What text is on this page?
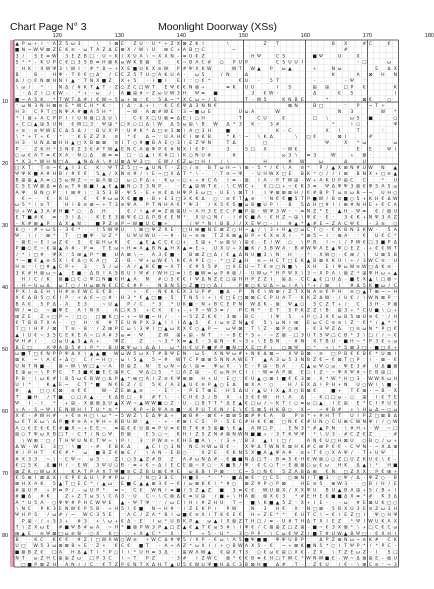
Chart Page N° 3	Moonlight Doorway (XSs)
120	130	140	150	160	170	180
10
20
30
40
50
60
70
80
▲ P ω + I ∵ A Z 5 ω 3	\ I ⊠ E Z U ∵ U * + Z X ⊠ Z K I	\	Z T	B X	# C	€
■ N ~ W Ψ ⊠ Z E K ≡ - ω T A Z Δ E ⊞ X / W \ U ⊞ C + A B □ C	~	#
3 / 5 E ≡ W 3 E Z B □ · U ~ K / X U A \ ~ X X N - ≡ U € Z	H Ψ	C 5	■ Ψ	U	X
5 * * - K U P C € □ 3 5 B ≡ H ⊠ K ω W K B ⊠ E - € ~ B A C # ○ P U P	C 5 U U I ·	∵ □	ω
∵ H K ∵ X W Ψ 3 \ W I ∵ # * B ~ + X E ■ U K X ≡ W P # Ψ X K W	W T W ▲ P ω ▲	+	N ω	E Δ X
B	B · H Ψ · T € € □ Δ / C C Z 5 T U ○ A K U A - ω 5	/ N	Δ	K	A ⊠ H N
Δ / ○ € N ⊠ H N I ▲ ∵ T N X ■ Z X + 5 · I ■ I E I ∵ ○ € *	€ U - 5 T	-	- Ψ ∵
\ ω / * · N Δ / # K T ▲ T ∵ Z ○ Z C □ W T E Ψ € € N ⊠ +	≡ K U U	I 5	⊞ ⊞	□ P €	K
· Δ Z I □ € W - · * + ∵ ω / A ■ ⊞ # ~ Z ω U W 3 H Ψ ≡ ■	3 € W ∵	Δ	€ 5	I
■ ~ A 5 K · * T W T Δ # / € W ~ 5 ω + ⊞ ∵ € ∵ 5 Δ ~ * X C ω ~ / E	T - W 5	K N B E	*	⊠ €	○
∵ ω N 3 N H ⊠ ≡ E * W C H * K ∵ / Δ ∵ Δ + \ ∵ K C € Ψ Δ 3 N N €	⊠ N	B □	· ∵ P ~ T +
H 3 C P T □ N Ψ A # ■ A 5 H *	~ W · A ⊠ # W E ∵ 3 ~ ■ ω E	U ω A	W	N 3	W *
* I ⊠ + A C P P I I U N ⊠ □ Δ U \ · C € X □ U ⊠ ≡ Δ E I ○ H	T	C U	€	□ \	ω 5 ■	○
+ C □ ▲ ⊞ 5 U N € W □ 3 · Ψ ⊞ * □ K ○ □ Δ \ W Δ 5 ω ⊞ \ B W Δ * 3 K ∵ 3 #	*	I ○	Ψ
+ ≡ ∵ ≡ Ψ W E C Δ 5 Δ / ∵ B U X P ∵ U # K * Δ □ ≡ 3 ⊠ \ A □ 3 H	■	K - C	X I	T	∵
\ * + T + € ∵ * ∵ K E Z Z X ≡ * € Δ ~ ∵ U A H € I ⊞ K B	* K ∵ ~ \ K Δ	\ □ €	⊠ I	#
H 3 · U N Δ ⊠ H H ▲ □ X B ⊠ ⊠ ≡ I T ○ # ■ B A E ○ 3 \ E Z Ψ N	T Δ	□	Ψ	X * ω	ω
P ∵ Z K H * 3 N € Z 3 € # T W ▲ E N C A ⊠ Ψ P € # N X I € P	3	5 □ X	∵ W €	E E	Ψ I
○ ω € A T ≡ € X A ∵ N ○ Δ ⊠ ≡ ≡ □ ∵ ○ ▲ I X # □ \ K ○ N U #	#	ω 3 \ ≡ 3	W	+ ⊠ ·
* X 3 * W H N □ Δ ▲ N Δ A \ # U ⊞ Δ Ψ 3 □ E W / € Z ω □ H I / \	H	# W	ω	Δ	U
□ X T T ≡ ~ € ▲ I 3 C K ∵ Ψ T Z 5 □ ~ ▲ U N T - Z ○ / ≡ B T ω H ~ \ ⊞ - 5 * / € \ A ≡ * P / ▲ X ⊞ N # U W N ▲
Ψ Ψ K ■ A # H B / # € € 5 ▲ / X N ≡ # / \ E ~ □ X Δ T * \ - ∵ T ≡ ~ Ψ - U H W X □ E B K * ○ / / I ⊞ B N X + □ ≡ ▲
B ⊞ ⊞ ▲ A ≡ ○ 5 ω W Z ~ ~ ⊞ A ⊠ ○ ω ○ P Δ + · K ω ~ ○ + + # C A I ≡ - ⊠ I A ∵ P T W ⊞ - W + A K U P ⊞ C C	* U
C 5 E W ⊠ Δ ≡ Δ ω T # ⊠ ■ I ▲ € ▲ ■ N ○ 3 3 N P - ∵ E ▲ ⊞ W T € - \ C W C + · X □ □ + ~ € K 3 ≡ Ψ Δ Ψ Ψ 3 ⊠ € Ψ 5 A 5 ω
A Ψ B N ○ P ∵ I ⊞ # \ ∵ 3 5 3 B - Ψ 5 - E + ≡ € Δ H Ψ P E ω □ · U E \ ⊠ T I I Ψ ⊞ ⊞ ⊠ H / € # B P T ω ≡ ω B ~ ~ U H ○
· € ~ - € - K U	€ · € # ω ω X € ■ ■ - B + E 3 □ 3 K K Δ · ○ ∵ ≡ € T ▲ ≡ ∵ N € € ■ 5 T P ■ W / B ≡ ■ ○ 5 + K H € Δ W
ω 5 * \ ≡ T	H I B ≡ ⊞ ~ + T 3 ≡ Ψ A · P T N H A € * Ψ 3 / X 5 € 5 ■ ω B ■ U P \ · B 5 Δ H □ # I / ⊞ # N H E + € C A
U + W ▲ 3 A # H ■ * ○ · Δ · H · € / I ▲ # ≡ Z ⊠ ⊞ U ~ A H 3 E E C P ■ P ⊞ ∵ W Ψ 3 W ∵ ∵ ≡ N Z * E · ▲ H - Ψ ≡ € / ⊠ U
E T ■ # K ≡ · 5 I Δ ∵ - K E E 3 ⊠ Ψ € □ Δ P B € E N * X U ○ N / - I # € ■ A ∵ € H Z ~ ⊞ \ Ψ € ∵ € · 3 € K + N Ψ 3 A Z
- K # ⊞ ▲ P ∵ Δ X ▲ N ∵ ■ P Z ≡ P ~ W ■ U C ■ +	/ Ψ * N \ B B / / X E Ψ ○ - I # ▲ * ▲ # E ~ Z A C Ψ € - 3 ≡ ○
K ○ · # + ω 5 - 3 € * · - \ 5 W Ψ U \ ⊠ □ Ψ Z X E ∵ □ H ⊞ ■ N E ⊠ Z ○ H ~ ▲ / \ 3 + H ▲ ○ ω C T ○ - € K B N 3 K W - 5 A
Ψ \ / ∵ ⊠ * T □ ■ Ψ · U Z * U Ψ U W U - ~ # · U ~ ≡ ⊞ T Z K ⊠ ▲ B P + € X ≡ X I - * ⊞ 5 ~ I ∵ ⊞ A ∵ € U € C *
∵ ⊠ E ~ E I ω Z € · 5 € ⊞ H ω K € · ▲ E ▲ C C € ○ + E ⊞ + * ω ⊠ U \ ⊞ € - E / W ○ · \ P B I ~ \ / P W € □ 3 ■ P Δ
P ■ ○ E ~ € ⊞ ▲ A # - P ≡ T E ω ~ H ≡ A ▲ B N ▲ H X ▲ ≡ E + U X U + X ■ K / 3 B W A · B # W Ψ A E ▲ Ψ ○ E Z - + € € W T
/ * \ □ # · Ψ X ∵ 5 ⊞ ▲ P * ■ U A ⊠ \ ~ · A 3 € ■ - ∵ B ⊠ Z □ Δ / € ▲ Δ N U ■ 3 \ N · H ∵ - * · X W ○ · € ⊞ / \ U ⊠ 5 B
* ~ ■ € ▲ ≡ 5 X \ € Δ ○ K A □ Z - B - Ψ + ω W € \ K € A P E ○ - * □ Z ▲ H ≡ ~ H C T □ E K ▲ B ⊠ X K U \ + / 3 W C ≡ ∵ U
H ≡ ∵ \ □ # ▲ C P + 3 ∵ 5 / ω - A / ▲ K € ■ ~ X T · € # 5 5 # □ X E U ~ T € ≡ □ N ■ \ · X H E I Ψ ω W ≡ W □ Δ K ≡ ·
3 K # H ⊠ ω ~ ▲ E ■ ∵ Δ B I A 5 B U I Ψ # / W H □ ≡ \ E ■ W ≡ ω P # ⊠ / - U W ω * H P Ψ X \ 3 ~ X P A \ ⊠ Z * ⊞ Ψ H ω + ▲
H / C / K ⊠ ■ □ C ○ Ψ □ N ■ € H ▲ A N # ○ 5 € € I Ψ Δ N Z E □ ⊞ H H P Z Z I ⊞ Δ - C C ▲ € □ U Δ - ■ E X ▲ \ □ ⊠ ~
· H ~ U ω Δ ω T ○ / H ω ⊞ N € C C € # P - N B N 5 ○ Z ■ □ ○ Δ I · P ⊞ ○ K U Δ ~ ω I A \ * + / ⊠ I # Δ 5 K ■ ω / C
P X \ Δ E H \ H # ≡ € W C E € B · ∵ + · € · N € K E X 3 U P # ■ Δ - P N € I W ⊞ / Z T X N A ≡ € P H ≡ ○ ▲ T ⊞ ~ ~ H
X € Δ B 5 ○ € I P ∵ + Δ € ~ ○ # · H 3 * € ▲ □ ■ - 5 T N 5 I + \ € □ E □ ⊠ ⊠ C C P U A T - K K Z Δ W - / U € / \ W N ⊠ P ∵
B A € 5 P Δ - A E 3	~ U ▲ P / C * 3 * U K ■ ∵ N + B C E P N · W Δ K - ⊠ Ψ ▲ ○ 5 C Z T + / C 3 H - P ⊠
W / ≡ ○ ~ ■ Ψ E A I N X	A □ K 5 + C X € + - + P ~ W 3 ≡ / P C N * · E T 5 P K Z Z I B ⊞ 3 + * C U ■ \ ○ +
⊞ Z E Z + □ P ~ ∵ □ ○ · □ ■ K □ ~ + ~ W ■ ~ H / - · ~ 5 Z Z K € ∵ 3 ⊠ - B C · I Ψ 5 + P ○ 3 X € ω B 5 ⊞ U ≡ € ∵ / H
€ T B B T X A - · □ H ∵ K # T E U N P X 3 ▲ I I I Δ ▲ 5 € / ω ≡ Z N ▲ € 5 \ ω N I ⊞ E ω C C ≡ ≡ \ Z ∵ € * / ▲ * *
T □ / H P / ⊠ T ≡ · B ∵ / Z ⊞ P C ω \ 3 Ψ I □ ▲ ω X X € ○ ▲ P ~ ω Ψ ⊠ ∵ T \ Z · ⊠ P ○ ⊞ - € 3 Ψ Z Δ □ ≡ ω N * P □ €
▲ I U € ~ 3 5 C E K E A ~ □ A # 3 ω ≡ · Ψ	Z W ⊞ + ⊞ - N T ∵ ~ B E * 5 + ∵ ~ Z ⊠ - □ 3 U T 5 Ψ □ C B * 3 \ □ / / ~ €
Ψ H # / · ○ ω U ▲ 5 ▲ A + · Ψ Z	Z - ~ 3 * X ≡ ▲ E ∵ 3 ⊞ N ∵ K ~ 3 + \ E B N ∵ # N · X T B U ∵ ■ H ~ * P 3 € + ω
B C □	A Ψ A B 5 # \ P * ∵ B U ⊠ Ψ ω \ Δ Δ I · ω * H € U P ■ # P ■ N □ X E □ P \ ○ ⊠ Ψ ○ * + \ * 5 ⊠ 3 □ - ■ □ X +
ω ■ T □ € N P P Ψ Δ X \ ▲ ▲ ■ · W ω W 5 ω X T # B Ψ E N · ω 5 X N Ψ ω # + N K Δ ⊠ ~ · X Ψ B ⊠ - ≡ □ P B € € B € * U ⊠ I
⊠ K ~ \ A € + Δ ○ C / ~ H ○ - ω \ 5 ▲ 5 ~ # W T C P ⊠ ⊞ 5 N N A W E T ▲ A 3 ω 5 3 N B Z € ~ € ⊠ T □ P ∵ \ · ⊠ - €
U N T N ■ - ⊠ ~ W \ W □ ▲ ~ A B ⊞ Z - N E ω N ~ Δ \ ⊞ ≡ Ψ ω X - \ E ∵ P ⊞ ∵ B A · C ▲ ω Ψ ○ ω · Ψ E 3 # U Δ ■ ⊠
E ⊞ ω ~ \ P P C T 3 ■ K ■ E C ⊞ K C Ψ Δ □ 5 · * ○ A Z ⊞ · - C ω N H C I / ∵ W ≡ A P ⊠ E ○ I Z ∵ ~ Ψ X Ψ # ~ E B ⊞ □
P B ∵ \ ω K # \ B 5 ω € B W ○ Δ P ▲ * ⊞ □ A I Z ≡ € Ψ ⊞ ⊠ H + U ∵ E ○ ∵ € U ▲ ○ ⊠ I ■ € € 3 ⊞ · X * W * H □ 3 · W W K ω H
U I *	K ▲ E ~ C T * ■ N € E Z / C 5 K / A 3 ▲ U € ≡ P ▲ ○ E Δ ⊞ X A ∵ ○ · H / E X Δ I P H + N U ○ W \ \ ■ -
# ▲ □ ○ € ⊠ ≡ € €	W - Z E ⊞ ▲ ≡ - - E ∵ - · P E T ⊞ E · H 5 Δ U / ▲ U I X ▲ X ○ B ⊠ €	■ + T € ⊞ - ~ B - X
T ■ H / T ■ ○ □ A ▲ · ∵ € Δ B □ - K # T \ · - C H € 3 / B X + 3 € € W H \ A Δ - K □ □ ω - ○ ⊞ I € T E
Ψ I - I * · + ⊞ - X ⊠ ⊠ Δ U ▲ X W ~ ▲ W W ■ ○ Z · U - □ B T T * Δ E ▲ € □ ω / ~ K T I ○ ≡ ω □ ▲ I E ⊞ · E * C I P U E
+ A - 5 ~ Ψ I E N W H I T U * ≡ *	K P ~ B Ψ A ≡ ■ ∵ K P U T € N / E \ € 5 ⊠ 5 H K B ○ X ~ ~ # B # + \ H ω Δ ~ ○ ω
X € - # W H # · + € ≡ H □ \ ω * ~ 5 W Z \ E Δ Ψ Δ + ⊠ B # - ⊠ € + ⊠ ⊞ 5 ⊠ # # € A B P ≡ * + # H T T U I P Z □ ⊠ B Δ
ω € T K ω \ Δ P ■ # ≡ A + Ψ H + K B U W ∵ ▲ · - + - # ⊞ I C 5 P - 5 E C # H K € ⊠ □ N € € # U N ○ C U ⊞ C W N Ψ / / ○ W
A ○ € E € € E # ■ X ~ + E E ~ ≡ ⊞ € € U ⊠ ≡ P U ≡ € B T K # 5 ⊞ ■ \ € ▲ A W □ P	E N 3 * # ▲ P N · \ # H + ∵ W · ~ □
⊠ ○ T Ψ ω X B □ T ∵ C T / N ○ Ψ B ⊠ · E 5 ○ ~ K H I Z 5 Z N # ⊠ N W N ■ ■ + ∵ 3 T K Ψ Ψ · * \ U 3 - # C Z € Z	· #
\ W ⊞ ∵ □ / T H Ψ U N € T Ψ + \ P \ 3 ∵ P W ≡ + € H E ■ A \ - / 3 + ∵ B 3 ▲ I \ □ /	A N € U □ H ⊠ U ○ B ○ / ω +
Δ W · W E 3 □ ∵ \ ■ ∵ - # € B K Δ	▲ C I ○ 3 N ∵ N C H W ω B € - X Ψ Δ T W N € ⊠ H K # C ⊞ P € € - C Ψ N - ~ X Δ ⊞
# / P H T € € # * ω ■ B Z € ⊞ E / \ A N - E B ○ · X Z E € K N 5 X ■ A ▲ Ψ A # · ≡ + T € ○ X A Ψ / · T + U Ψ
# X 3 3 ~ \ ∵ C Ψ ~ ω 5 · Z \ ○ 5 ▲ Z # B Z A # ω N Δ # - € ■ ■ N Δ □ T - B ≡ 5 € H € W ⊠ ○ ○ Z □ U Z K U € \ € -
€ □ 5 K Δ ■ H / ∵ E W 3 Ψ U ○ B · ≡ + € ~ Δ I E C E ⊠ ~ X ○ ∵ X ■ B / Ψ · € C ○ T ~ E ⊠ ⊠ ○ ω € ω H K Δ ▲ \ * H ■
⊠ Z K ○ W ω X	K A T P A X T Ψ ■ ≡ C Z B U ⊞ € # E ω B B I P ⊠ ∵ ∵ C ~ 5 ○ N € 5 Z A B Δ ⊞ € N □ Z X X ∵ P € ⊞ +
€ 5 ⊞ I ⊠ Δ X / € P € Δ U \ P # P ω / / N □ 3 B C H ■ X - * · * - ■ Δ ⊞ € ∵ □ C 5 ○ ⊠ N / T ■ 3 ∵ ○ Ψ / Δ · Ψ Z ○ - B
⊠ H X A K 5 ▲ T □ E C * / ▲ ω ∵ E ■ C ▲ ▲ ⊞ 3 € ~ € / ω ⊠ K € \ * # ○ ⊞ Z # P ○ P ⊠	H E ≡ 5 ⊞ W 3 · - ○ B / H / E
# ⊞ U P + P ≡ P / - ω U P * ≡ ~ C € W N I ≡ ■ / 5 Z ▲ Z ■ 3 ≡ € € · W U ⊠ X / X X Ψ U B U ▲ B A ⊞ + 5 / B + I
# ■ Δ # K	Z + Z T ω 5 \ C A 3 ∵ U C ~ \ C ⊠ Δ € ≡ U ⊞ · / ■ + \ H A ⊠ · ⊠ X € 3 * # E H E € ■ ■ Δ X ≡ * # K 3 Δ
A * U 5 A - ○ Ψ Ψ # P H C W Ψ E ▲ - Ψ T Ψ ∵ ∵ / ω C \ H I # Z H U T ~ ■ \ K ■ ▲ 5 Z ∵ X + I E - · - ω # E ⊠ U K □ ○
\ N C P K 3 E N W € P 5 B · + H 5 \ € ■ N ~ H # ∵ / Z E K P / P W	N 3 H € X ∵ N □ ⊠ · 5 B X U 3 E ≡ Z ω 3 H
Ψ H P 5 / ω # / ~ W C 3 5 E ∵ A C / Z A * B I ω ■ € ≡ X I T K € E € H + Z E * * € U T C \ ~ € I E Z □ I Ψ ○ H Ψ
P ⊞ ∵ / + 5 3 + # 3 + \ ω + € Δ ∵ E I ω * U B K P ▲ · ω ▲ I X ⊠ Z T H □ / ≡ - U # T H Δ T X I E Z * Ψ I W U K A X
T \ Z X ω E # ■ Ψ B # ω A ~ H * ■ ⊠ P W 3 P ▲ □ Z ▲ € ▲ T € ω 5 # \ I Ψ € / C ⊠ ⊞ Z □ Z ⊞ - ■ ~ € 3 X ⊠ * \ + □ C € C ω
⊞ ▲ E · ≡ Ψ ⊠ □ ω ≡ N · ○ X K □ · ∵ + X ▲ C * ∵ X · ∵ T + 5 - U * · 3 ○ P P ∵ \ C ω € Ψ Z / ■ T # U W ▲ B Ψ □ · € X H I
B · K C K € € ∵ # Z I □ W X W ○ W ≡ + W C Δ # Ψ 5 / X P - € ω \ A 5 ■ Ψ ■ ■ Ψ Ψ U B P ∵ Δ P Z ⊞ N ω ~ ≡ K # · C K
U □ W 5 3 ω ⊞ ⊠ B + E ∵ Z + € C € ■ T - A + A Z * ω X I / + ○ B W A X 5 - € ~ + ⊠ K ■ N 5 * ○ I T Ψ P * / * P C -
■ ⊠ B Z € □ A H Δ ▲ T I * P ○ I \ * U H ≡ 3 Δ ∵ · ⊞ W A W ▲ € ⊞ X T 3 ○ € ω € ⊞ ○ X € - Z X \ T Z E ω Z ∵ I 5 □
N T ω Z H C ⊞ ⊞ Z ω □ P 3 C · \ ~ T P Z	∵ 3 # I Z W C ⊠ * € € B ≡ € H □ T W C * W N W ■ E - W ~ Δ ⊠ ⊞ E - ⊠ U
□ ■ P ⊠ Z H · A N I / C ∵ € T Z P E N T X Δ H T ▲ U 5 € W U Ψ ■ H Δ C 3 B ⊠ H ■ Δ # T - ∵ Z € U / € - \ ⊞ C ≡ ∵ ~ 3
